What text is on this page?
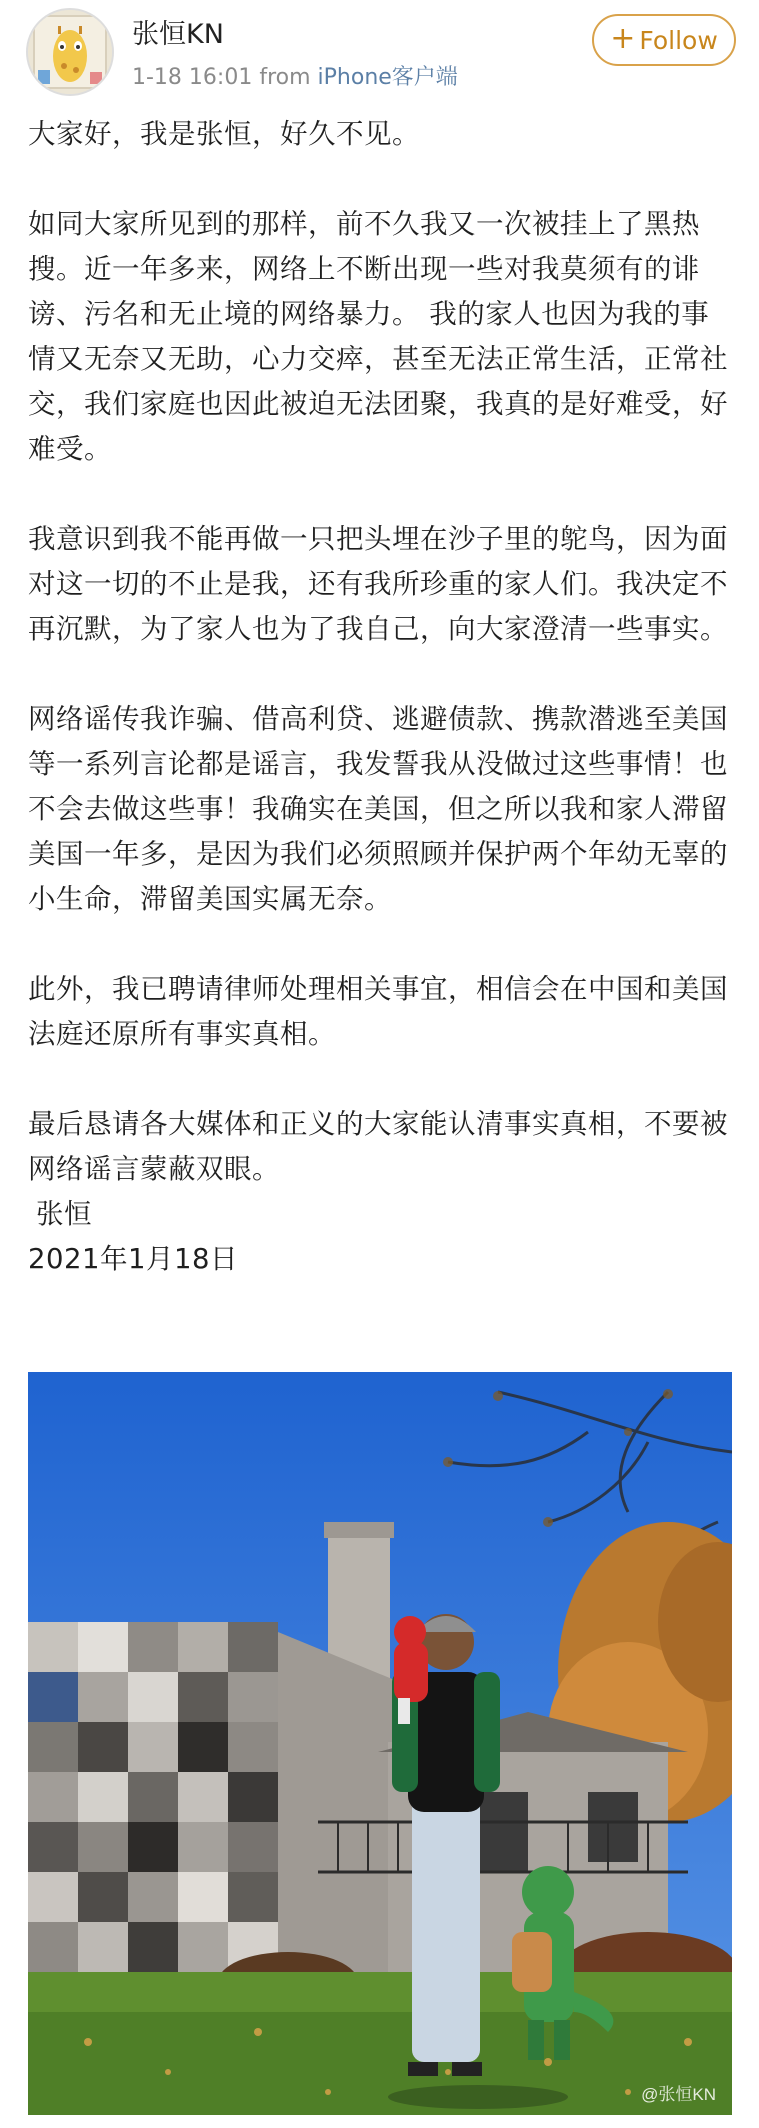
张恒KN
1-18 16:01 from iPhone客户端
+ Follow

大家好，我是张恒，好久不见。

如同大家所见到的那样，前不久我又一次被挂上了黑热搜。近一年多来，网络上不断出现一些对我莫须有的诽谤、污名和无止境的网络暴力。 我的家人也因为我的事情又无奈又无助，心力交瘁，甚至无法正常生活，正常社交，我们家庭也因此被迫无法团聚，我真的是好难受，好难受。

我意识到我不能再做一只把头埋在沙子里的鸵鸟，因为面对这一切的不止是我，还有我所珍重的家人们。我决定不再沉默，为了家人也为了我自己，向大家澄清一些事实。

网络谣传我诈骗、借高利贷、逃避债款、携款潜逃至美国等一系列言论都是谣言，我发誓我从没做过这些事情！也不会去做这些事！我确实在美国，但之所以我和家人滞留美国一年多，是因为我们必须照顾并保护两个年幼无辜的小生命，滞留美国实属无奈。

此外，我已聘请律师处理相关事宜，相信会在中国和美国法庭还原所有事实真相。

最后恳请各大媒体和正义的大家能认清事实真相，不要被网络谣言蒙蔽双眼。

张恒

2021年1月18日

@张恒KN
